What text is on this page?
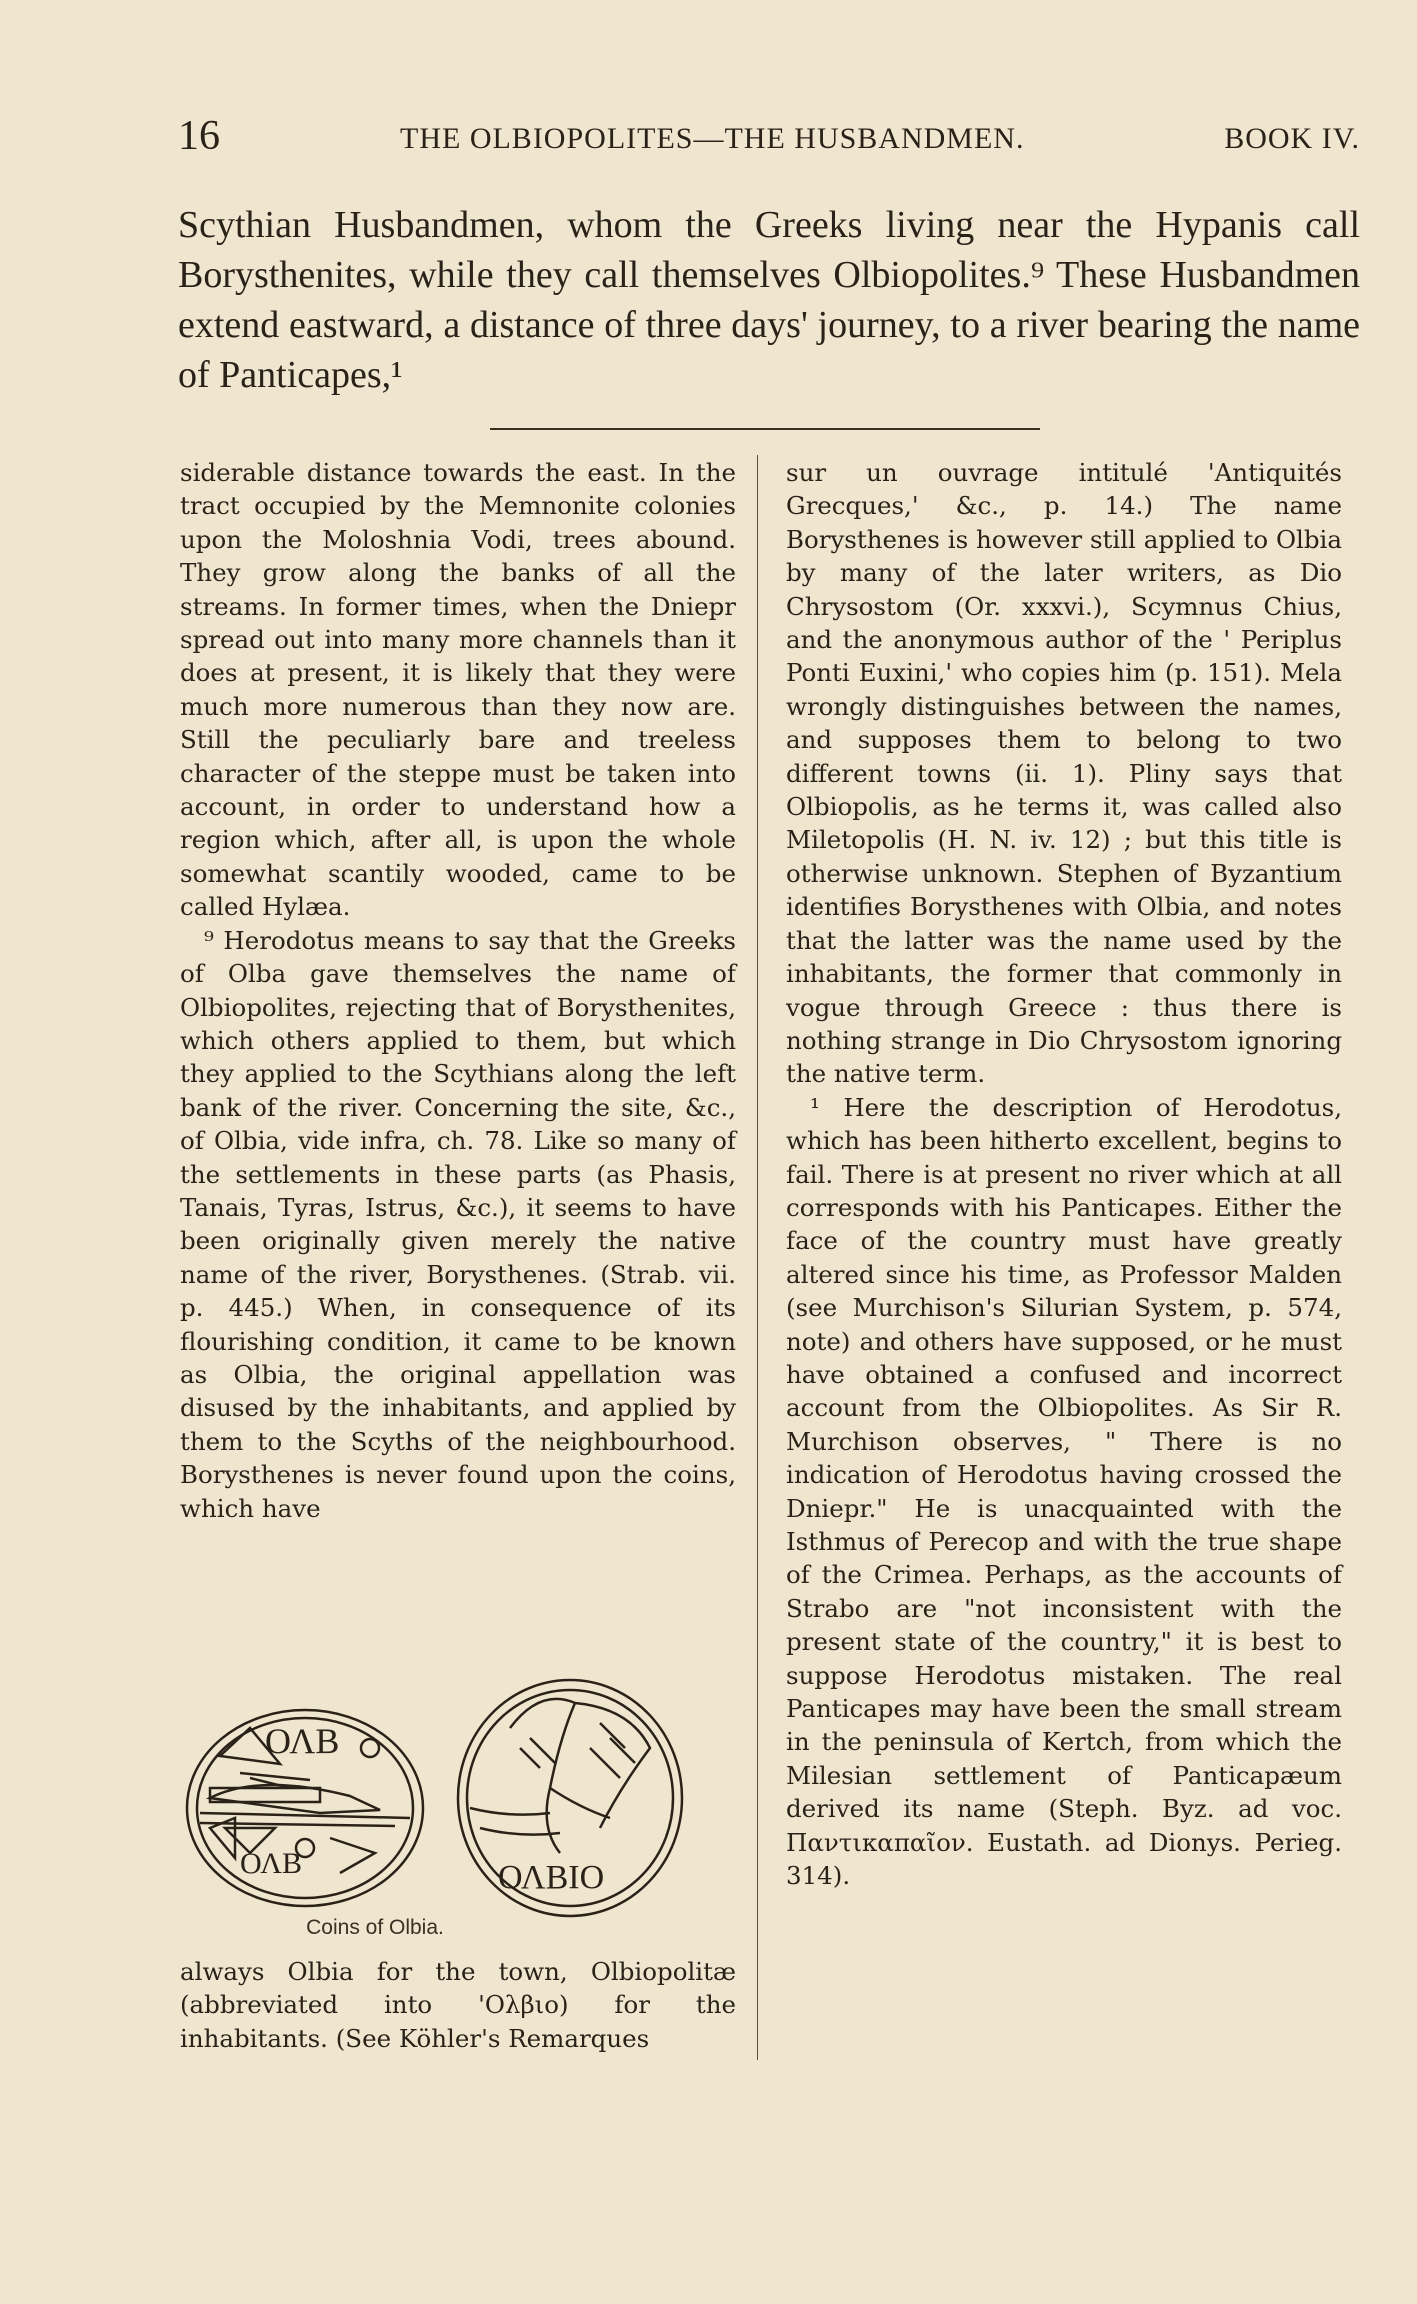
16	THE OLBIOPOLITES—THE HUSBANDMEN.	BOOK IV.

Scythian Husbandmen, whom the Greeks living near the Hypanis call Borysthenites, while they call themselves Olbiopolites.⁹ These Husbandmen extend eastward, a distance of three days' journey, to a river bearing the name of Panticapes,¹

siderable distance towards the east. In the tract occupied by the Memnonite colonies upon the Moloshnia Vodi, trees abound. They grow along the banks of all the streams. In former times, when the Dniepr spread out into many more channels than it does at present, it is likely that they were much more numerous than they now are. Still the peculiarly bare and treeless character of the steppe must be taken into account, in order to understand how a region which, after all, is upon the whole somewhat scantily wooded, came to be called Hylæa.

⁹ Herodotus means to say that the Greeks of Olba gave themselves the name of Olbiopolites, rejecting that of Borysthenites, which others applied to them, but which they applied to the Scythians along the left bank of the river. Concerning the site, &c., of Olbia, vide infra, ch. 78. Like so many of the settlements in these parts (as Phasis, Tanais, Tyras, Istrus, &c.), it seems to have been originally given merely the native name of the river, Borysthenes. (Strab. vii. p. 445.) When, in consequence of its flourishing condition, it came to be known as Olbia, the original appellation was disused by the inhabitants, and applied by them to the Scyths of the neighbourhood. Borysthenes is never found upon the coins, which have

ΟΛΒ
ΟΛΒ	ΟΛΒΙΟ
Coins of Olbia.

always Olbia for the town, Olbiopolitæ (abbreviated into 'Ολβιο) for the inhabitants. (See Köhler's Remarques

sur un ouvrage intitulé 'Antiquités Grecques,' &c., p. 14.) The name Borysthenes is however still applied to Olbia by many of the later writers, as Dio Chrysostom (Or. xxxvi.), Scymnus Chius, and the anonymous author of the ' Periplus Ponti Euxini,' who copies him (p. 151). Mela wrongly distinguishes between the names, and supposes them to belong to two different towns (ii. 1). Pliny says that Olbiopolis, as he terms it, was called also Miletopolis (H. N. iv. 12) ; but this title is otherwise unknown. Stephen of Byzantium identifies Borysthenes with Olbia, and notes that the latter was the name used by the inhabitants, the former that commonly in vogue through Greece : thus there is nothing strange in Dio Chrysostom ignoring the native term.

¹ Here the description of Herodotus, which has been hitherto excellent, begins to fail. There is at present no river which at all corresponds with his Panticapes. Either the face of the country must have greatly altered since his time, as Professor Malden (see Murchison's Silurian System, p. 574, note) and others have supposed, or he must have obtained a confused and incorrect account from the Olbiopolites. As Sir R. Murchison observes, " There is no indication of Herodotus having crossed the Dniepr." He is unacquainted with the Isthmus of Perecop and with the true shape of the Crimea. Perhaps, as the accounts of Strabo are "not inconsistent with the present state of the country," it is best to suppose Herodotus mistaken. The real Panticapes may have been the small stream in the peninsula of Kertch, from which the Milesian settlement of Panticapæum derived its name (Steph. Byz. ad voc. Παντικαπαῖον. Eustath. ad Dionys. Perieg. 314).
